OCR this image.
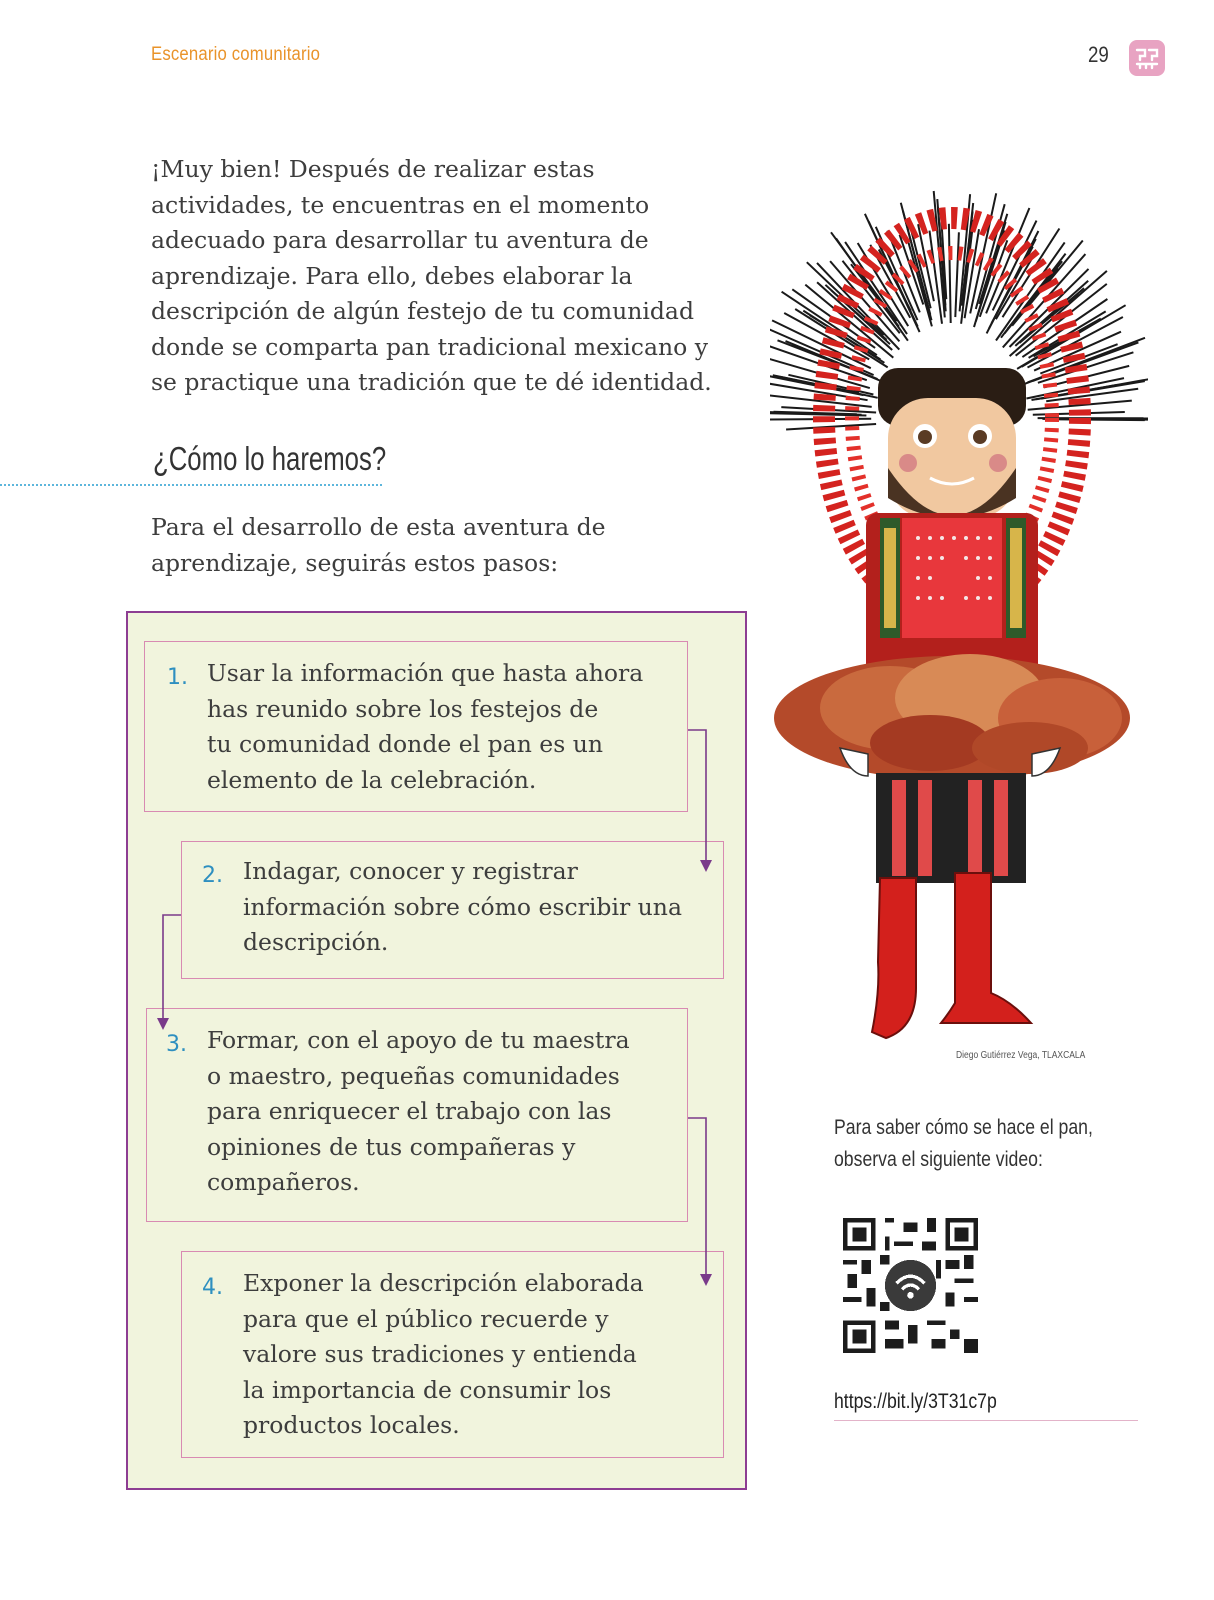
Escenario comunitario	29
¡Muy bien! Después de realizar estas
actividades, te encuentras en el momento
adecuado para desarrollar tu aventura de
aprendizaje. Para ello, debes elaborar la
descripción de algún festejo de tu comunidad
donde se comparta pan tradicional mexicano y
se practique una tradición que te dé identidad.
¿Cómo lo haremos?
Para el desarrollo de esta aventura de
aprendizaje, seguirás estos pasos:
1. Usar la información que hasta ahora
has reunido sobre los festejos de
tu comunidad donde el pan es un
elemento de la celebración.
2. Indagar, conocer y registrar
información sobre cómo escribir una
descripción.
3. Formar, con el apoyo de tu maestra
o maestro, pequeñas comunidades
para enriquecer el trabajo con las
opiniones de tus compañeras y
compañeros.
4. Exponer la descripción elaborada
para que el público recuerde y
valore sus tradiciones y entienda
la importancia de consumir los
productos locales.
Diego Gutiérrez Vega, TLAXCALA
Para saber cómo se hace el pan,
observa el siguiente video:
https://bit.ly/3T31c7p
